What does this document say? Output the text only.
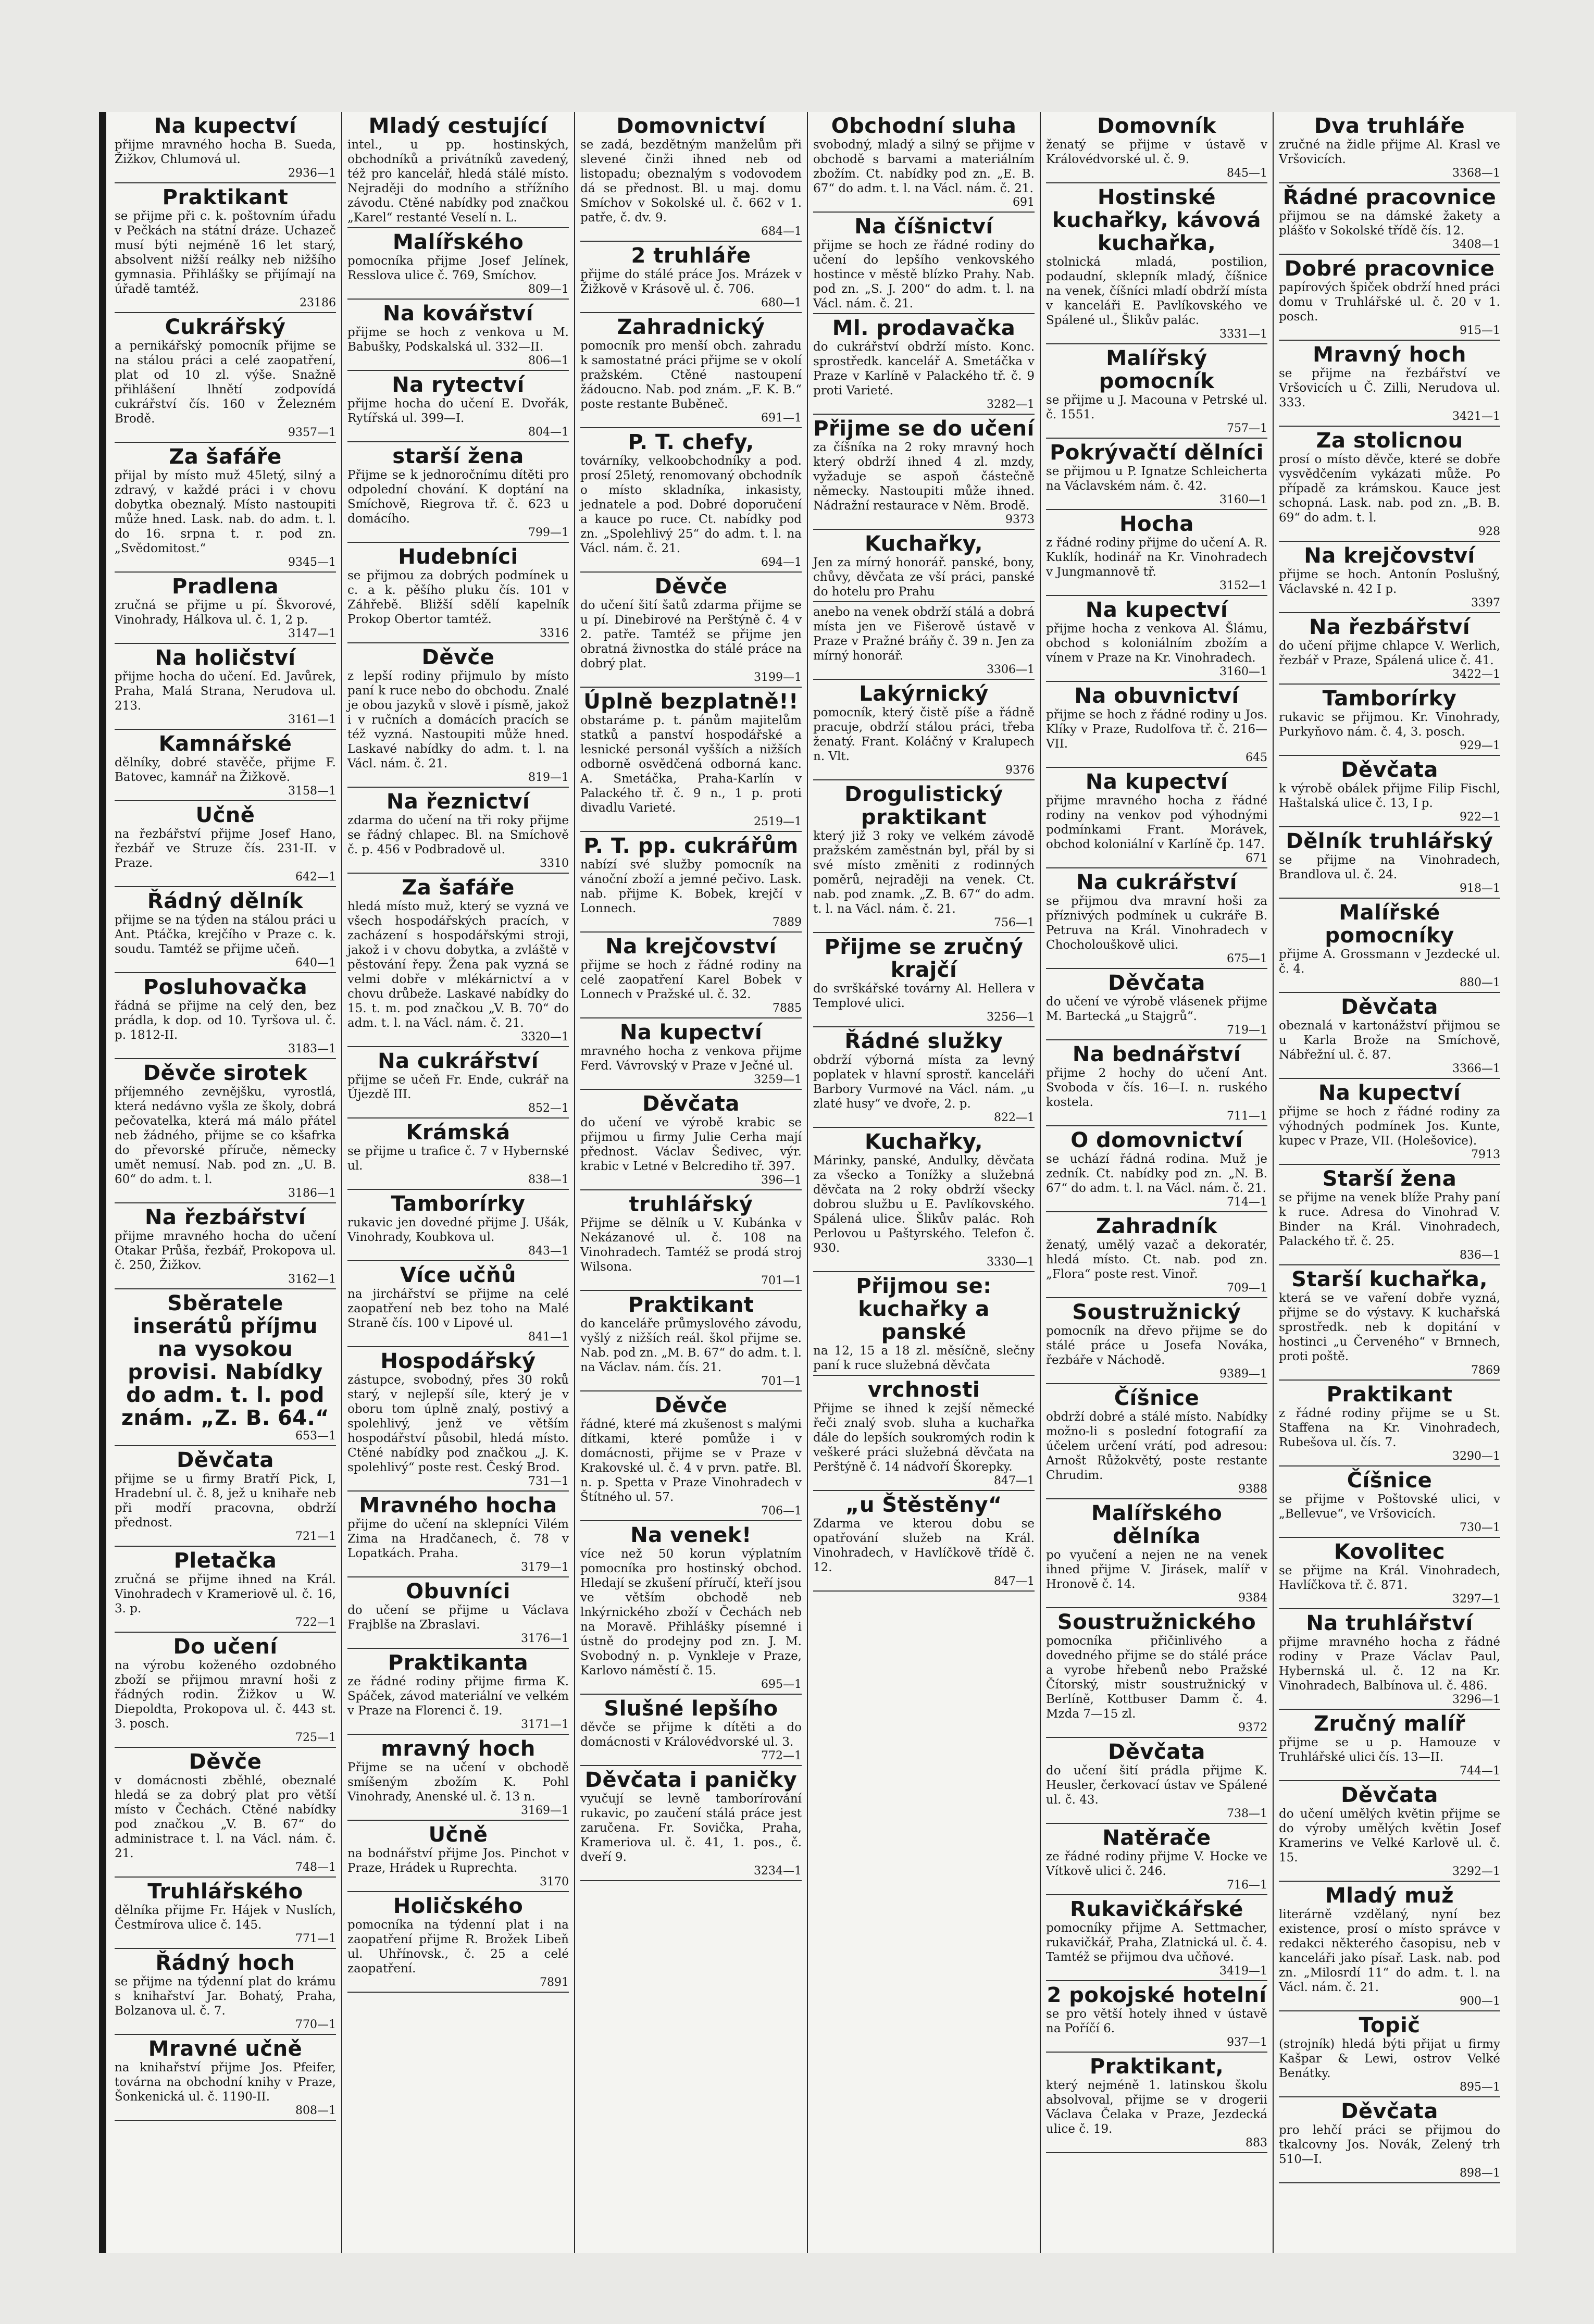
Na kupectví

přijme mravného hocha B. Sueda, Žižkov, Chlumová ul.

2936—1
Praktikant

se přijme při c. k. poštovním úřadu v Pečkách na státní dráze. Uchazeč musí býti nejméně 16 let starý, absolvent nižší reálky neb nižšího gymnasia. Přihlášky se přijímají na úřadě tamtéž.

23186
Cukrářský

a pernikářský pomocník přijme se na stálou práci a celé zaopatření, plat od 10 zl. výše. Snažně přihlášení lhnětí zodpovídá cukrářství čís. 160 v Železném Brodě.

9357—1
Za šafáře

přijal by místo muž 45letý, silný a zdravý, v každé práci i v chovu dobytka obeznalý. Místo nastoupiti může hned. Lask. nab. do adm. t. l. do 16. srpna t. r. pod zn. „Svědomitost.“

9345—1
Pradlena

zručná se přijme u pí. Škvorové, Vinohrady, Hálkova ul. č. 1, 2 p.

3147—1
Na holičství

přijme hocha do učení. Ed. Javůrek, Praha, Malá Strana, Nerudova ul. 213.

3161—1
Kamnářské

dělníky, dobré stavěče, přijme F. Batovec, kamnář na Žižkově.

3158—1
Učně

na řezbářství přijme Josef Hano, řezbář ve Struze čís. 231-II. v Praze.

642—1
Řádný dělník

přijme se na týden na stálou práci u Ant. Ptáčka, krejčího v Praze c. k. soudu. Tamtéž se přijme učeň.

640—1
Posluhovačka

řádná se přijme na celý den, bez prádla, k dop. od 10. Tyršova ul. č. p. 1812-II.

3183—1
Děvče sirotek

příjemného zevnějšku, vyrostlá, která nedávno vyšla ze školy, dobrá pečovatelka, která má málo přátel neb žádného, přijme se co kšafrka do převorské příruče, německy umět nemusí. Nab. pod zn. „U. B. 60“ do adm. t. l.

3186—1
Na řezbářství

přijme mravného hocha do učení Otakar Průša, řezbář, Prokopova ul. č. 250, Žižkov.

3162—1
Sběratele inserátů příjmu na vysokou provisi. Nabídky do adm. t. l. pod znám. „Z. B. 64.“

653—1
Děvčata

přijme se u firmy Bratří Pick, I, Hradební ul. č. 8, jež u knihaře neb při modří pracovna, obdrží přednost.

721—1
Pletačka

zručná se přijme ihned na Král. Vinohradech v Krameriově ul. č. 16, 3. p.

722—1
Do učení

na výrobu koženého ozdobného zboží se přijmou mravní hoši z řádných rodin. Žižkov u W. Diepoldta, Prokopova ul. č. 443 st. 3. posch.

725—1
Děvče

v domácnosti zběhlé, obeznalé hledá se za dobrý plat pro větší místo v Čechách. Ctěné nabídky pod značkou „V. B. 67“ do administrace t. l. na Václ. nám. č. 21.

748—1
Truhlářského

dělníka přijme Fr. Hájek v Nuslích, Čestmírova ulice č. 145.

771—1
Řádný hoch

se přijme na týdenní plat do krámu s knihařství Jar. Bohatý, Praha, Bolzanova ul. č. 7.

770—1
Mravné učně

na knihařství přijme Jos. Pfeifer, továrna na obchodní knihy v Praze, Šonkenická ul. č. 1190-II.

808—1
Mladý cestující

intel., u pp. hostinských, obchodníků a privátníků zavedený, též pro kancelář, hledá stálé místo. Nejraději do modního a střížního závodu. Ctěné nabídky pod značkou „Karel“ restanté Veselí n. L.

Malířského

pomocníka přijme Josef Jelínek, Resslova ulice č. 769, Smíchov.

809—1
Na kovářství

přijme se hoch z venkova u M. Babušky, Podskalská ul. 332—II.

806—1
Na rytectví

přijme hocha do učení E. Dvořák, Rytířská ul. 399—I.

804—1
starší žena

Přijme se k jednoročnímu dítěti pro odpolední chování. K doptání na Smíchově, Riegrova tř. č. 623 u domácího.

799—1
Hudebníci

se přijmou za dobrých podmínek u c. a k. pěšího pluku čís. 101 v Záhřebě. Bližší sdělí kapelník Prokop Obertor tamtéž.

3316
Děvče

z lepší rodiny přijmulo by místo paní k ruce nebo do obchodu. Znalé je obou jazyků v slově i písmě, jakož i v ručních a domácích pracích se též vyzná. Nastoupiti může hned. Laskavé nabídky do adm. t. l. na Václ. nám. č. 21.

819—1
Na řeznictví

zdarma do učení na tři roky přijme se řádný chlapec. Bl. na Smíchově č. p. 456 v Podbradově ul.

3310
Za šafáře

hledá místo muž, který se vyzná ve všech hospodářských pracích, v zacházení s hospodářskými stroji, jakož i v chovu dobytka, a zvláště v pěstování řepy. Žena pak vyzná se velmi dobře v mlékárnictví a v chovu drůbeže. Laskavé nabídky do 15. t. m. pod značkou „V. B. 70“ do adm. t. l. na Václ. nám. č. 21.

3320—1
Na cukrářství

přijme se učeň Fr. Ende, cukrář na Újezdě III.

852—1
Krámská

se přijme u trafice č. 7 v Hybernské ul.

838—1
Tamborírky

rukavic jen dovedné přijme J. Ušák, Vinohrady, Koubkova ul.

843—1
Více učňů

na jirchářství se přijme na celé zaopatření neb bez toho na Malé Straně čís. 100 v Lipové ul.

841—1
Hospodářský

zástupce, svobodný, přes 30 roků starý, v nejlepší síle, který je v oboru tom úplně znalý, postivý a spolehlivý, jenž ve větším hospodářství působil, hledá místo. Ctěné nabídky pod značkou „J. K. spolehlivý“ poste rest. Český Brod.

731—1
Mravného hocha

přijme do učení na sklepníci Vilém Zima na Hradčanech, č. 78 v Lopatkách. Praha.

3179—1
Obuvníci

do učení se přijme u Václava Frajblše na Zbraslavi.

3176—1
Praktikanta

ze řádné rodiny přijme firma K. Spáček, závod materiální ve velkém v Praze na Florenci č. 19.

3171—1
mravný hoch

Přijme se na učení v obchodě smíšeným zbožím K. Pohl Vinohrady, Anenské ul. č. 13 n.

3169—1
Učně

na bodnářství přijme Jos. Pinchot v Praze, Hrádek u Ruprechta.

3170
Holičského

pomocníka na týdenní plat i na zaopatření přijme R. Brožek Libeň ul. Uhřínovsk., č. 25 a celé zaopatření.

7891
Domovnictví

se zadá, bezdětným manželům při slevené činži ihned neb od listopadu; obeznalým s vodovodem dá se přednost. Bl. u maj. domu Smíchov v Sokolské ul. č. 662 v 1. patře, č. dv. 9.

684—1
2 truhláře

přijme do stálé práce Jos. Mrázek v Žižkově v Krásově ul. č. 706.

680—1
Zahradnický

pomocník pro menší obch. zahradu k samostatné práci přijme se v okolí pražském. Ctěné nastoupení žádoucno. Nab. pod znám. „F. K. B.“ poste restante Buběneč.

691—1
P. T. chefy,

továrníky, velkoobchodníky a pod. prosí 25letý, renomovaný obchodník o místo skladníka, inkasisty, jednatele a pod. Dobré doporučení a kauce po ruce. Ct. nabídky pod zn. „Spolehlivý 25“ do adm. t. l. na Václ. nám. č. 21.

694—1
Děvče

do učení šití šatů zdarma přijme se u pí. Dinebirové na Perštýně č. 4 v 2. patře. Tamtéž se přijme jen obratná živnostka do stálé práce na dobrý plat.

3199—1
Úplně bezplatně!!

obstaráme p. t. pánům majitelům statků a panství hospodářské a lesnické personál vyšších a nižších odborně osvědčená odborná kanc. A. Smetáčka, Praha-Karlín v Palackého tř. č. 9 n., 1 p. proti divadlu Varieté.

2519—1
P. T. pp. cukrářům

nabízí své služby pomocník na vánoční zboží a jemné pečivo. Lask. nab. přijme K. Bobek, krejčí v Lonnech.

7889
Na krejčovství

přijme se hoch z řádné rodiny na celé zaopatření Karel Bobek v Lonnech v Pražské ul. č. 32.

7885
Na kupectví

mravného hocha z venkova přijme Ferd. Vávrovský v Praze v Ječné ul.

3259—1
Děvčata

do učení ve výrobě krabic se přijmou u firmy Julie Cerha mají přednost. Václav Šedivec, výr. krabic v Letné v Belcrediho tř. 397.

396—1
truhlářský

Přijme se dělník u V. Kubánka v Nekázanové ul. č. 108 na Vinohradech. Tamtéž se prodá stroj Wilsona.

701—1
Praktikant

do kanceláře průmyslového závodu, vyšlý z nižších reál. škol přijme se. Nab. pod zn. „M. B. 67“ do adm. t. l. na Václav. nám. čís. 21.

701—1
Děvče

řádné, které má zkušenost s malými dítkami, které pomůže i v domácnosti, přijme se v Praze v Krakovské ul. č. 4 v prvn. patře. Bl. n. p. Spetta v Praze Vinohradech v Štítného ul. 57.

706—1
Na venek!

více než 50 korun výplatním pomocníka pro hostinský obchod. Hledají se zkušení příručí, kteří jsou ve větším obchodě neb lnkýrnického zboží v Čechách neb na Moravě. Přihlášky písemné i ústně do prodejny pod zn. J. M. Svobodný n. p. Vynkleje v Praze, Karlovo náměstí č. 15.

695—1
Slušné lepšího

děvče se přijme k dítěti a do domácnosti v Královédvorské ul. 3.

772—1
Děvčata i paničky

vyučují se levně tamborírování rukavic, po zaučení stálá práce jest zaručena. Fr. Sovička, Praha, Krameriova ul. č. 41, 1. pos., č. dveří 9.

3234—1
Obchodní sluha

svobodný, mladý a silný se přijme v obchodě s barvami a materiálním zbožím. Ct. nabídky pod zn. „E. B. 67“ do adm. t. l. na Václ. nám. č. 21.

691
Na číšnictví

přijme se hoch ze řádné rodiny do učení do lepšího venkovského hostince v městě blízko Prahy. Nab. pod zn. „S. J. 200“ do adm. t. l. na Václ. nám. č. 21.

Ml. prodavačka

do cukrářství obdrží místo. Konc. sprostředk. kancelář A. Smetáčka v Praze v Karlíně v Palackého tř. č. 9 proti Varieté.

3282—1
Přijme se do učení

za číšníka na 2 roky mravný hoch který obdrží ihned 4 zl. mzdy, vyžaduje se aspoň částečně německy. Nastoupiti může ihned. Nádražní restaurace v Něm. Brodě.

9373
Kuchařky,

Jen za mírný honorář. panské, bony, chůvy, děvčata ze vší práci, panské do hotelu pro Prahu

anebo na venek obdrží stálá a dobrá místa jen ve Fišerově ústavě v Praze v Pražné bráňy č. 39 n. Jen za mírný honorář.

3306—1
Lakýrnický

pomocník, který čistě píše a řádně pracuje, obdrží stálou práci, třeba ženatý. Frant. Koláčný v Kralupech n. Vlt.

9376
Drogulistický praktikant

který již 3 roky ve velkém závodě pražském zaměstnán byl, přál by si své místo změniti z rodinných poměrů, nejraději na venek. Ct. nab. pod znamk. „Z. B. 67“ do adm. t. l. na Václ. nám. č. 21.

756—1
Přijme se zručný krajčí

do svrškářské továrny Al. Hellera v Templové ulici.

3256—1
Řádné služky

obdrží výborná místa za levný poplatek v hlavní sprostř. kanceláři Barbory Vurmové na Václ. nám. „u zlaté husy“ ve dvoře, 2. p.

822—1
Kuchařky,

Márinky, panské, Andulky, děvčata za všecko a Tonížky a služebná děvčata na 2 roky obdrží všecky dobrou službu u E. Pavlíkovského. Spálená ulice. Šlikův palác. Roh Perlovou u Paštyrského. Telefon č. 930.

3330—1
Přijmou se: kuchařky a panské

na 12, 15 a 18 zl. měsíčně, slečny paní k ruce služebná děvčata

vrchnosti

Přijme se ihned k zejší německé řeči znalý svob. sluha a kuchařka dále do lepších soukromých rodin k veškeré práci služebná děvčata na Perštýně č. 14 nádvoří Škorepky.

847—1
„u Štěstěny“

Zdarma ve kterou dobu se opatřování služeb na Král. Vinohradech, v Havlíčkově třídě č. 12.

847—1
Domovník

ženatý se přijme v ústavě v Královédvorské ul. č. 9.

845—1
Hostinské kuchařky, kávová kuchařka,

stolnická mladá, postilion, podaudní, sklepník mladý, číšnice na venek, číšníci mladí obdrží místa v kanceláři E. Pavlíkovského ve Spálené ul., Šlikův palác.

3331—1
Malířský pomocník

se přijme u J. Macouna v Petrské ul. č. 1551.

757—1
Pokrývačtí dělníci

se přijmou u P. Ignatze Schleicherta na Václavském nám. č. 42.

3160—1
Hocha

z řádné rodiny přijme do učení A. R. Kuklík, hodinář na Kr. Vinohradech v Jungmannově tř.

3152—1
Na kupectví

přijme hocha z venkova Al. Šlámu, obchod s koloniálním zbožím a vínem v Praze na Kr. Vinohradech.

3160—1
Na obuvnictví

přijme se hoch z řádné rodiny u Jos. Klíky v Praze, Rudolfova tř. č. 216—VII.

645
Na kupectví

přijme mravného hocha z řádné rodiny na venkov pod výhodnými podmínkami Frant. Morávek, obchod koloniální v Karlíně čp. 147.

671
Na cukrářství

se přijmou dva mravní hoši za příznivých podmínek u cukráře B. Petruva na Král. Vinohradech v Chocholouškově ulici.

675—1
Děvčata

do učení ve výrobě vlásenek přijme M. Bartecká „u Stajgrů“.

719—1
Na bednářství

přijme 2 hochy do učení Ant. Svoboda v čís. 16—I. n. ruského kostela.

711—1
O domovnictví

se uchází řádná rodina. Muž je zedník. Ct. nabídky pod zn. „N. B. 67“ do adm. t. l. na Václ. nám. č. 21.

714—1
Zahradník

ženatý, umělý vazač a dekoratér, hledá místo. Ct. nab. pod zn. „Flora“ poste rest. Vinoř.

709—1
Soustružnický

pomocník na dřevo přijme se do stálé práce u Josefa Nováka, řezbáře v Náchodě.

9389—1
Číšnice

obdrží dobré a stálé místo. Nabídky možno-li s poslední fotografií za účelem určení vrátí, pod adresou: Arnošt Růžokvětý, poste restante Chrudim.

9388
Malířského dělníka

po vyučení a nejen ne na venek ihned přijme V. Jirásek, malíř v Hronově č. 14.

9384
Soustružnického

pomocníka přičinlivého a dovedného přijme se do stálé práce a vyrobe hřebenů nebo Pražské Čítorský, mistr soustružnický v Berlíně, Kottbuser Damm č. 4. Mzda 7—15 zl.

9372
Děvčata

do učení šití prádla přijme K. Heusler, čerkovací ústav ve Spálené ul. č. 43.

738—1
Natěrače

ze řádné rodiny přijme V. Hocke ve Vítkově ulici č. 246.

716—1
Rukavičkářské

pomocníky přijme A. Settmacher, rukavičkář, Praha, Zlatnická ul. č. 4. Tamtéž se přijmou dva učňové.

3419—1
2 pokojské hotelní

se pro větší hotely ihned v ústavě na Poříčí 6.

937—1
Praktikant,

který nejméně 1. latinskou školu absolvoval, přijme se v drogerii Václava Čelaka v Praze, Jezdecká ulice č. 19.

883
Dva truhláře

zručné na židle přijme Al. Krasl ve Vršovicích.

3368—1
Řádné pracovnice

přijmou se na dámské žakety a plášťo v Sokolské třídě čís. 12.

3408—1
Dobré pracovnice

papírových špiček obdrží hned práci domu v Truhlářské ul. č. 20 v 1. posch.

915—1
Mravný hoch

se přijme na řezbářství ve Vršovicích u Č. Zilli, Nerudova ul. 333.

3421—1
Za stolicnou

prosí o místo děvče, které se dobře vysvědčením vykázati může. Po případě za krámskou. Kauce jest schopná. Lask. nab. pod zn. „B. B. 69“ do adm. t. l.

928
Na krejčovství

přijme se hoch. Antonín Poslušný, Václavské n. 42 I p.

3397
Na řezbářství

do učení přijme chlapce V. Werlich, řezbář v Praze, Spálená ulice č. 41.

3422—1
Tamborírky

rukavic se přijmou. Kr. Vinohrady, Purkyňovo nám. č. 4, 3. posch.

929—1
Děvčata

k výrobě obálek přijme Filip Fischl, Haštalská ulice č. 13, I p.

922—1
Dělník truhlářský

se přijme na Vinohradech, Brandlova ul. č. 24.

918—1
Malířské pomocníky

přijme A. Grossmann v Jezdecké ul. č. 4.

880—1
Děvčata

obeznalá v kartonážství přijmou se u Karla Brože na Smíchově, Nábřežní ul. č. 87.

3366—1
Na kupectví

přijme se hoch z řádné rodiny za výhodných podmínek Jos. Kunte, kupec v Praze, VII. (Holešovice).

7913
Starší žena

se přijme na venek blíže Prahy paní k ruce. Adresa do Vinohrad V. Binder na Král. Vinohradech, Palackého tř. č. 25.

836—1
Starší kuchařka,

která se ve vaření dobře vyzná, přijme se do výstavy. K kuchařská sprostředk. neb k dopitání v hostinci „u Červeného“ v Brnnech, proti poště.

7869
Praktikant

z řádné rodiny přijme se u St. Staffena na Kr. Vinohradech, Rubešova ul. čís. 7.

3290—1
Číšnice

se přijme v Poštovské ulici, v „Bellevue“, ve Vršovicích.

730—1
Kovolitec

se přijme na Král. Vinohradech, Havlíčkova tř. č. 871.

3297—1
Na truhlářství

přijme mravného hocha z řádné rodiny v Praze Václav Paul, Hybernská ul. č. 12 na Kr. Vinohradech, Balbínova ul. č. 486.

3296—1
Zručný malíř

přijme se u p. Hamouze v Truhlářské ulici čís. 13—II.

744—1
Děvčata

do učení umělých květin přijme se do výroby umělých květin Josef Kramerins ve Velké Karlově ul. č. 15.

3292—1
Mladý muž

literárně vzdělaný, nyní bez existence, prosí o místo správce v redakci některého časopisu, neb v kanceláři jako písař. Lask. nab. pod zn. „Milosrdí 11“ do adm. t. l. na Václ. nám. č. 21.

900—1
Topič

(strojník) hledá býti přijat u firmy Kašpar & Lewi, ostrov Velké Benátky.

895—1
Děvčata

pro lehčí práci se přijmou do tkalcovny Jos. Novák, Zelený trh 510—I.

898—1
